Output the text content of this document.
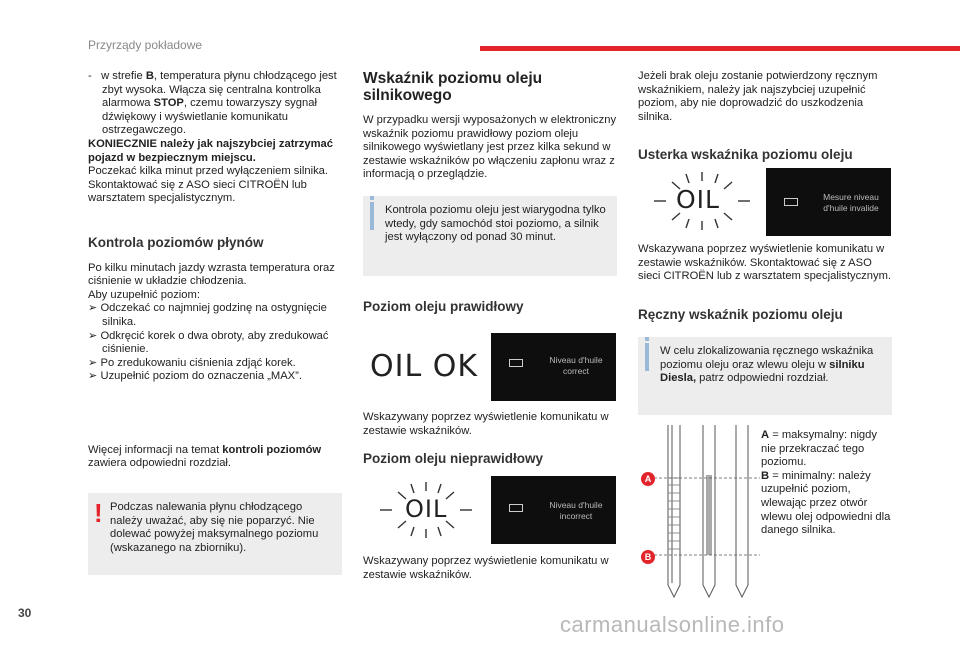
Przyrządy pokładowe

-   w strefie B, temperatura płynu chłodzącego jest zbyt wysoka. Włącza się centralna kontrolka alarmowa STOP, czemu towarzyszy sygnał dźwiękowy i wyświetlanie komunikatu ostrzegawczego.

KONIECZNIE należy jak najszybciej zatrzymać pojazd w bezpiecznym miejscu.

Poczekać kilka minut przed wyłączeniem silnika.

Skontaktować się z ASO sieci CITROËN lub warsztatem specjalistycznym.

Kontrola poziomów płynów

Po kilku minutach jazdy wzrasta temperatura oraz ciśnienie w układzie chłodzenia.

Aby uzupełnić poziom:

➢ Odczekać co najmniej godzinę na ostygnięcie silnika.

➢ Odkręcić korek o dwa obroty, aby zredukować ciśnienie.

➢ Po zredukowaniu ciśnienia zdjąć korek.

➢ Uzupełnić poziom do oznaczenia „MAX”.

Więcej informacji na temat kontroli poziomów zawiera odpowiedni rozdział.

! Podczas nalewania płynu chłodzącego należy uważać, aby się nie poparzyć. Nie dolewać powyżej maksymalnego poziomu (wskazanego na zbiorniku).

Wskaźnik poziomu oleju silnikowego

W przypadku wersji wyposażonych w elektroniczny wskaźnik poziomu prawidłowy poziom oleju silnikowego wyświetlany jest przez kilka sekund w zestawie wskaźników po włączeniu zapłonu wraz z informacją o przeglądzie.

Kontrola poziomu oleju jest wiarygodna tylko wtedy, gdy samochód stoi poziomo, a silnik jest wyłączony od ponad 30 minut.

Poziom oleju prawidłowy

OIL OK	Niveau d'huile correct
Wskazywany poprzez wyświetlenie komunikatu w zestawie wskaźników.
Poziom oleju nieprawidłowy
OIL	Niveau d'huile incorrect
Wskazywany poprzez wyświetlenie komunikatu w zestawie wskaźników.

Jeżeli brak oleju zostanie potwierdzony ręcznym wskaźnikiem, należy jak najszybciej uzupełnić poziom, aby nie doprowadzić do uszkodzenia silnika.

Usterka wskaźnika poziomu oleju

OIL	Mesure niveau d'huile invalide
Wskazywana poprzez wyświetlenie komunikatu w zestawie wskaźników. Skontaktować się z ASO sieci CITROËN lub z warsztatem specjalistycznym.
Ręczny wskaźnik poziomu oleju
W celu zlokalizowania ręcznego wskaźnika poziomu oleju oraz wlewu oleju w silniku Diesla, patrz odpowiedni rozdział.
A
B

A = maksymalny: nigdy nie przekraczać tego poziomu.

B = minimalny: należy uzupełnić poziom, wlewając przez otwór wlewu olej odpowiedni dla danego silnika.

30	carmanualsonline.info
